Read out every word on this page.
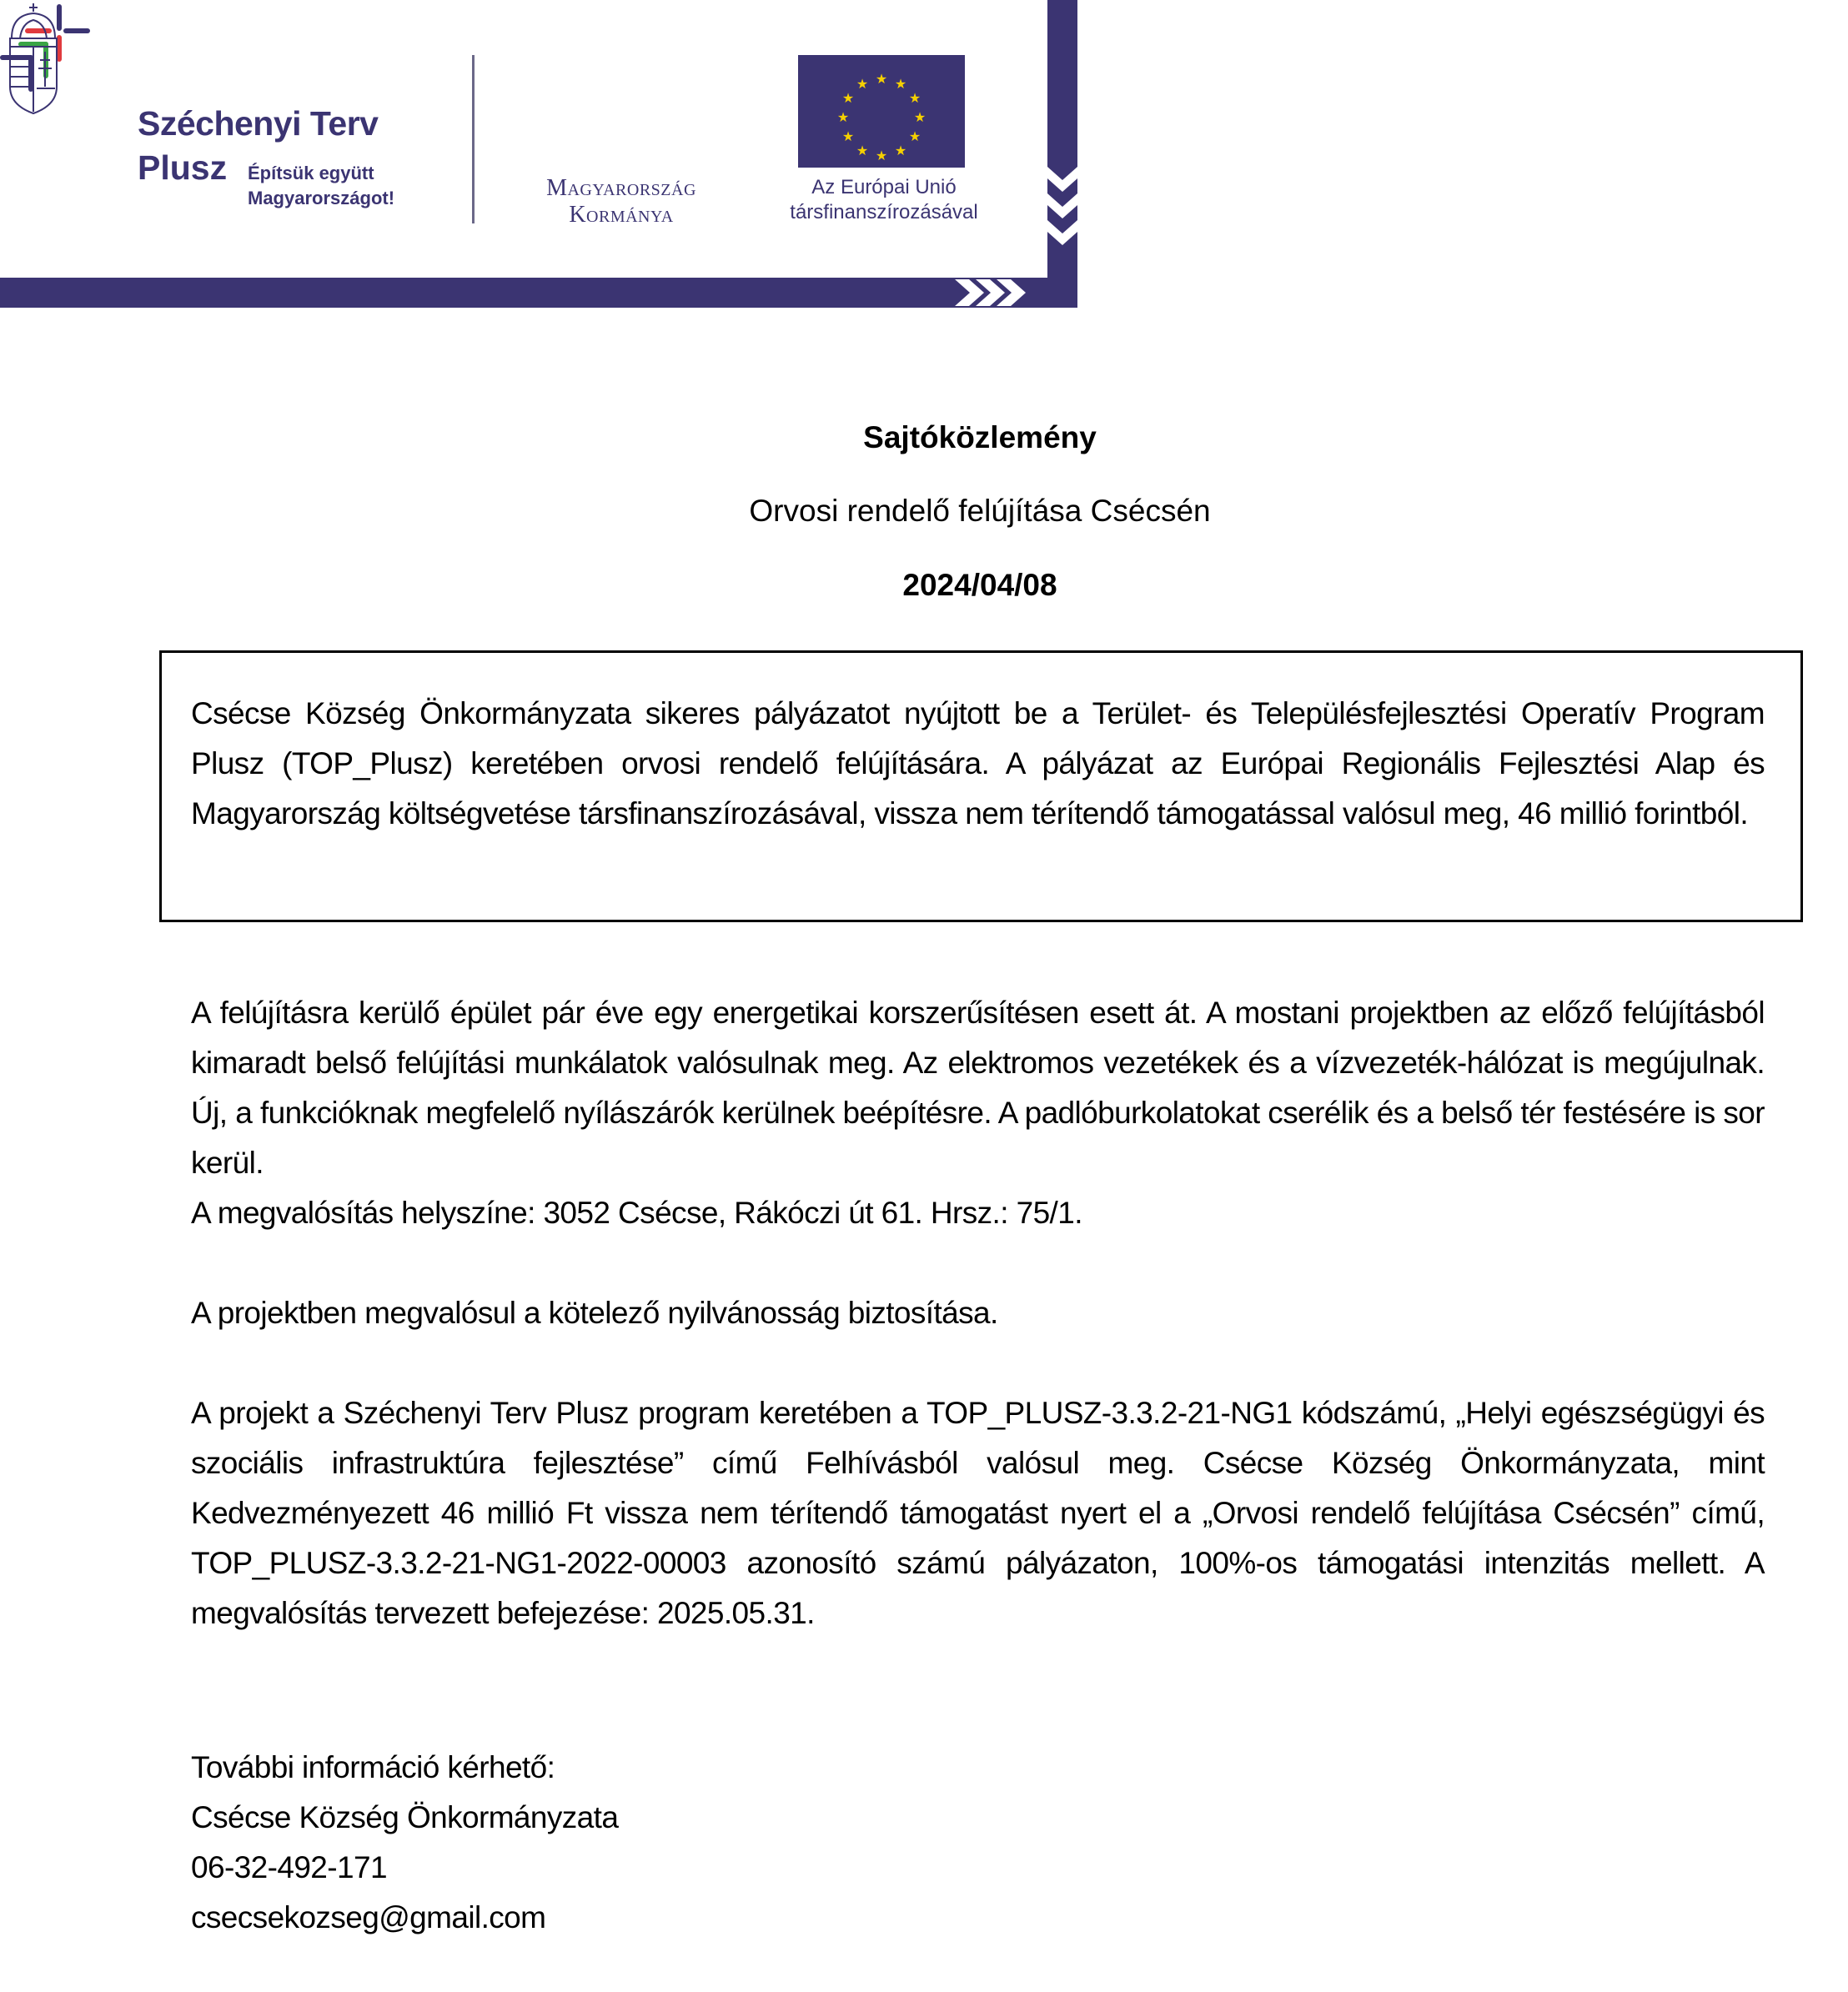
Széchenyi Terv
Plusz Építsük együtt
Magyarországot!	Magyarország
Kormánya
★ ★
★
★
★
★
★
★
★
★
★
★
Az Európai Unió
társfinanszírozásával
Sajtóközlemény
Orvosi rendelő felújítása Csécsén
2024/04/08
Csécse Község Önkormányzata sikeres pályázatot nyújtott be a Terület- és Településfejlesztési Operatív Program Plusz (TOP_Plusz) keretében orvosi rendelő felújítására. A pályázat az Európai Regionális Fejlesztési Alap és Magyarország költségvetése társfinanszírozásával, vissza nem térítendő támogatással valósul meg, 46 millió forintból.
A felújításra kerülő épület pár éve egy energetikai korszerűsítésen esett át. A mostani projektben az előző felújításból kimaradt belső felújítási munkálatok valósulnak meg. Az elektromos vezetékek és a vízvezeték-hálózat is megújulnak. Új, a funkcióknak megfelelő nyílászárók kerülnek beépítésre. A padlóburkolatokat cserélik és a belső tér festésére is sor kerül.
A megvalósítás helyszíne: 3052 Csécse, Rákóczi út 61. Hrsz.: 75/1.
A projektben megvalósul a kötelező nyilvánosság biztosítása.
A projekt a Széchenyi Terv Plusz program keretében a TOP_PLUSZ-3.3.2-21-NG1 kódszámú, „Helyi egészségügyi és szociális infrastruktúra fejlesztése” című Felhívásból valósul meg. Csécse Község Önkormányzata, mint Kedvezményezett 46 millió Ft vissza nem térítendő támogatást nyert el a „Orvosi rendelő felújítása Csécsén” című, TOP_PLUSZ-3.3.2-21-NG1-2022-00003 azonosító számú pályázaton, 100%-os támogatási intenzitás mellett. A megvalósítás tervezett befejezése: 2025.05.31.
További információ kérhető:
Csécse Község Önkormányzata
06-32-492-171
csecsekozseg@gmail.com
